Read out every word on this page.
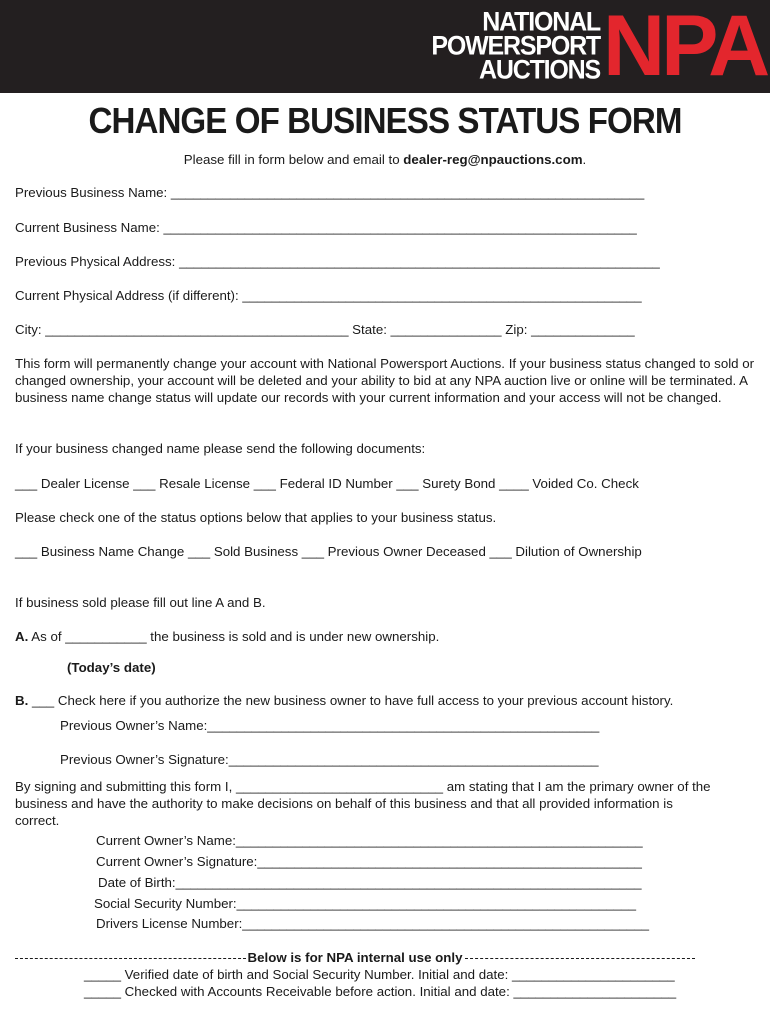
NATIONAL
POWERSPORT
AUCTIONS NPA
CHANGE OF BUSINESS STATUS FORM
Please fill in form below and email to dealer-reg@npauctions.com.
Previous Business Name: ________________________________________________________________
Current Business Name: ________________________________________________________________
Previous Physical Address: _________________________________________________________________
Current Physical Address (if different): ______________________________________________________
City: _________________________________________ State: _______________ Zip: ______________
This form will permanently change your account with National Powersport Auctions. If your business status changed to sold or changed ownership, your account will be deleted and your ability to bid at any NPA auction live or online will be terminated. A business name change status will update our records with your current information and your access will not be changed.
If your business changed name please send the following documents:
___ Dealer License ___ Resale License ___ Federal ID Number ___ Surety Bond ____ Voided Co. Check
Please check one of the status options below that applies to your business status.
___ Business Name Change ___ Sold Business ___ Previous Owner Deceased ___ Dilution of Ownership
If business sold please fill out line A and B.
A. As of ___________ the business is sold and is under new ownership.
(Today’s date)
B. ___ Check here if you authorize the new business owner to have full access to your previous account history.
Previous Owner’s Name:_____________________________________________________
Previous Owner’s Signature:__________________________________________________
By signing and submitting this form I, ____________________________ am stating that I am the primary owner of the business and have the authority to make decisions on behalf of this business and that all provided information is correct.
Current Owner’s Name:_______________________________________________________
Current Owner’s Signature:____________________________________________________
Date of Birth:_______________________________________________________________
Social Security Number:______________________________________________________
Drivers License Number:_______________________________________________________
Below is for NPA internal use only
_____ Verified date of birth and Social Security Number. Initial and date: ______________________
_____ Checked with Accounts Receivable before action. Initial and date: ______________________
